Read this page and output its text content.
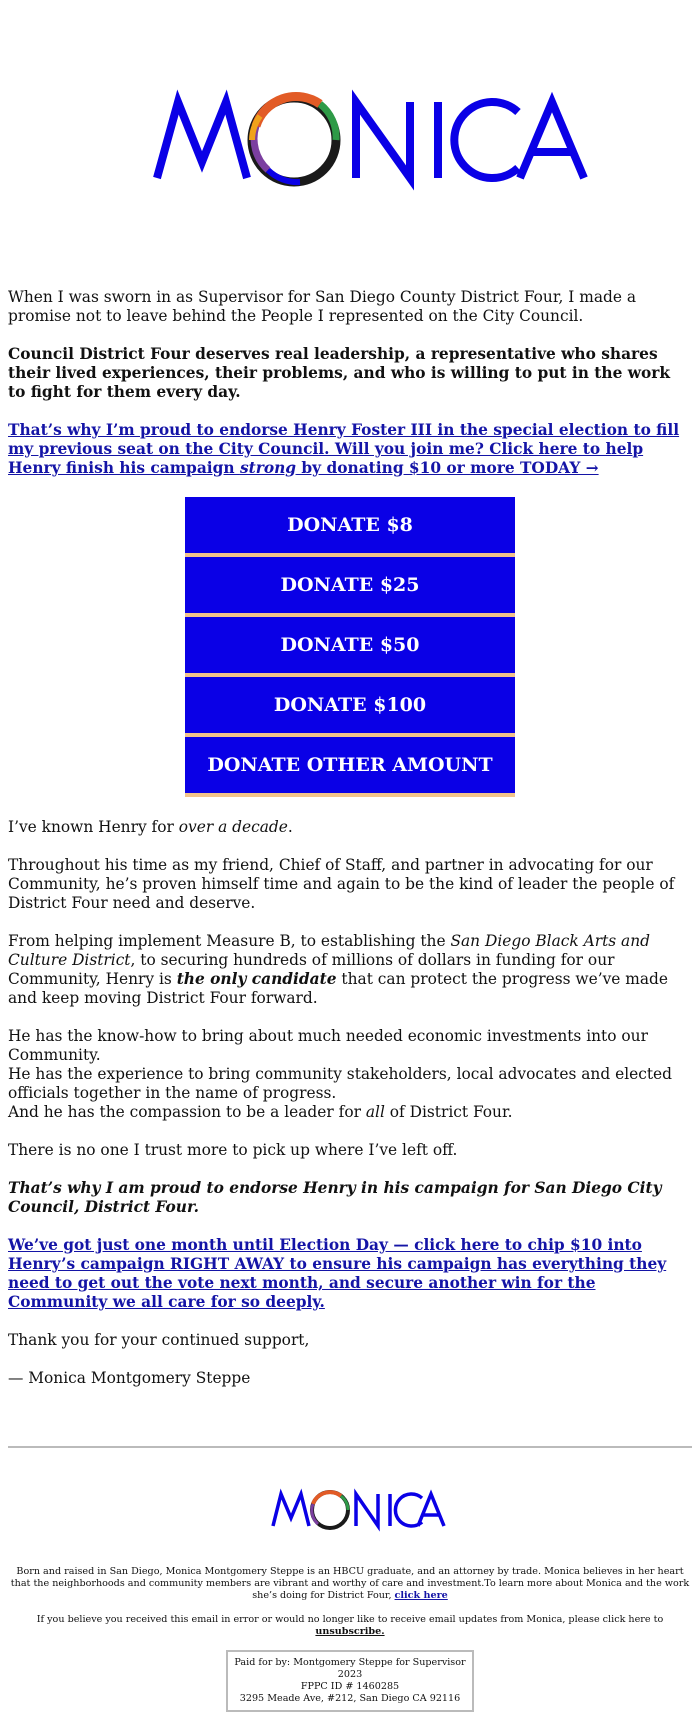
When I was sworn in as Supervisor for San Diego County District Four, I made a promise not to leave behind the People I represented on the City Council.

Council District Four deserves real leadership, a representative who shares their lived experiences, their problems, and who is willing to put in the work to fight for them every day.

That’s why I’m proud to endorse Henry Foster III in the special election to fill my previous seat on the City Council. Will you join me? Click here to help Henry finish his campaign strong by donating $10 or more TODAY →

DONATE $8
DONATE $25
DONATE $50
DONATE $100
DONATE OTHER AMOUNT

I’ve known Henry for over a decade.

Throughout his time as my friend, Chief of Staff, and partner in advocating for our Community, he’s proven himself time and again to be the kind of leader the people of District Four need and deserve.

From helping implement Measure B, to establishing the San Diego Black Arts and Culture District, to securing hundreds of millions of dollars in funding for our Community, Henry is the only candidate that can protect the progress we’ve made and keep moving District Four forward.

He has the know-how to bring about much needed economic investments into our Community.
He has the experience to bring community stakeholders, local advocates and elected officials together in the name of progress.
And he has the compassion to be a leader for all of District Four.

There is no one I trust more to pick up where I’ve left off.

That’s why I am proud to endorse Henry in his campaign for San Diego City Council, District Four.

We’ve got just one month until Election Day — click here to chip $10 into Henry’s campaign RIGHT AWAY to ensure his campaign has everything they need to get out the vote next month, and secure another win for the Community we all care for so deeply.

Thank you for your continued support,

— Monica Montgomery Steppe

Born and raised in San Diego, Monica Montgomery Steppe is an HBCU graduate, and an attorney by trade. Monica believes in her heart that the neighborhoods and community members are vibrant and worthy of care and investment.To learn more about Monica and the work she’s doing for District Four, click here

If you believe you received this email in error or would no longer like to receive email updates from Monica, please click here to unsubscribe.

Paid for by: Montgomery Steppe for Supervisor 2023
FPPC ID # 1460285
3295 Meade Ave, #212, San Diego CA 92116
